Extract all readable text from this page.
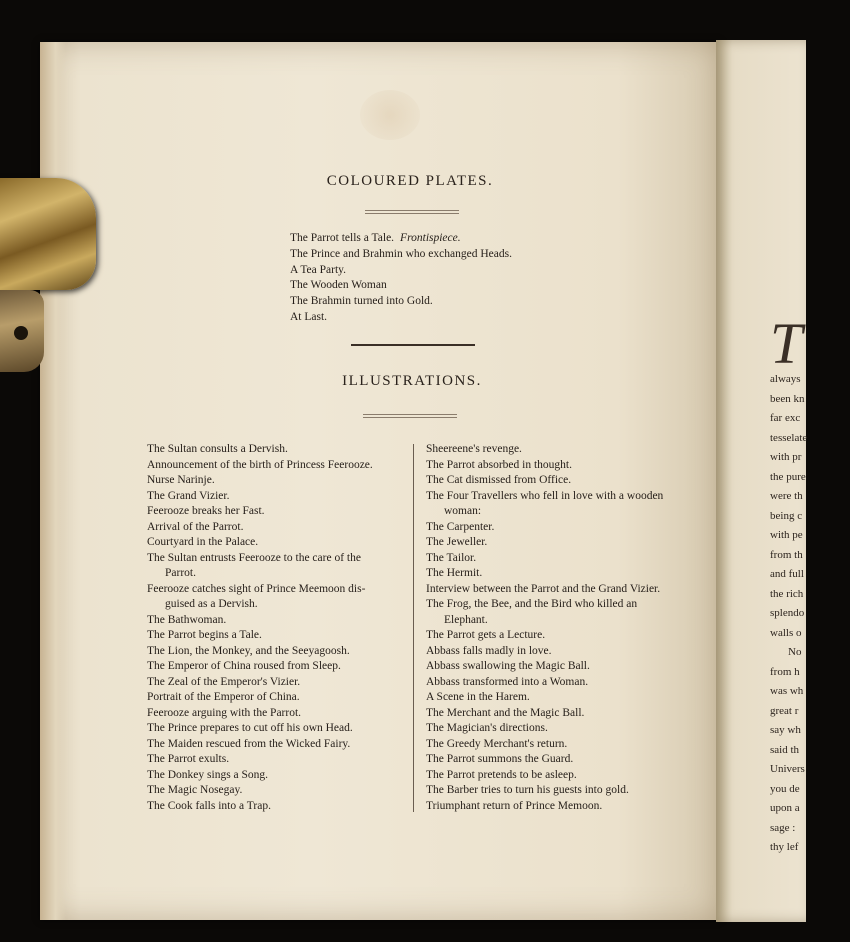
T
always
been kn
far exc
tesselate
with pr
the pure
were th
being c
with pe
from th
and full
the rich
splendo
walls o
No
from h
was wh
great r
say wh
said th
Univers
you de
upon a
sage :
thy lef
COLOURED PLATES.
The Parrot tells a Tale. Frontispiece.
The Prince and Brahmin who exchanged Heads.
A Tea Party.
The Wooden Woman
The Brahmin turned into Gold.
At Last.
ILLUSTRATIONS.
The Sultan consults a Dervish.
Announcement of the birth of Princess Feerooze.
Nurse Narinje.
The Grand Vizier.
Feerooze breaks her Fast.
Arrival of the Parrot.
Courtyard in the Palace.
The Sultan entrusts Feerooze to the care of the
Parrot.
Feerooze catches sight of Prince Meemoon dis-
guised as a Dervish.
The Bathwoman.
The Parrot begins a Tale.
The Lion, the Monkey, and the Seeyagoosh.
The Emperor of China roused from Sleep.
The Zeal of the Emperor's Vizier.
Portrait of the Emperor of China.
Feerooze arguing with the Parrot.
The Prince prepares to cut off his own Head.
The Maiden rescued from the Wicked Fairy.
The Parrot exults.
The Donkey sings a Song.
The Magic Nosegay.
The Cook falls into a Trap.
Sheereene's revenge.
The Parrot absorbed in thought.
The Cat dismissed from Office.
The Four Travellers who fell in love with a wooden
woman:
The Carpenter.
The Jeweller.
The Tailor.
The Hermit.
Interview between the Parrot and the Grand Vizier.
The Frog, the Bee, and the Bird who killed an
Elephant.
The Parrot gets a Lecture.
Abbass falls madly in love.
Abbass swallowing the Magic Ball.
Abbass transformed into a Woman.
A Scene in the Harem.
The Merchant and the Magic Ball.
The Magician's directions.
The Greedy Merchant's return.
The Parrot summons the Guard.
The Parrot pretends to be asleep.
The Barber tries to turn his guests into gold.
Triumphant return of Prince Memoon.
